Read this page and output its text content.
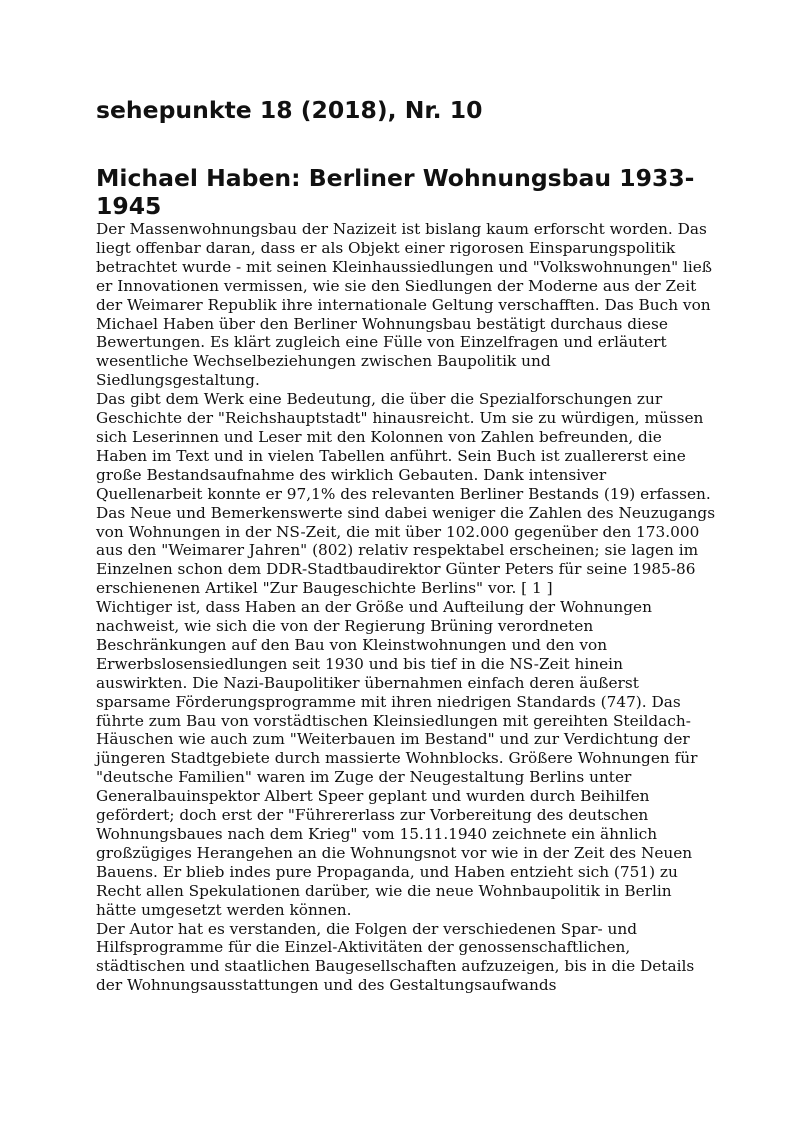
sehepunkte 18 (2018), Nr. 10
Michael Haben: Berliner Wohnungsbau 1933-1945

Der Massenwohnungsbau der Nazizeit ist bislang kaum erforscht worden. Das liegt offenbar daran, dass er als Objekt einer rigorosen Einsparungspolitik betrachtet wurde - mit seinen Kleinhaussiedlungen und "Volkswohnungen" ließ er Innovationen vermissen, wie sie den Siedlungen der Moderne aus der Zeit der Weimarer Republik ihre internationale Geltung verschafften. Das Buch von Michael Haben über den Berliner Wohnungsbau bestätigt durchaus diese Bewertungen. Es klärt zugleich eine Fülle von Einzelfragen und erläutert wesentliche Wechselbeziehungen zwischen Baupolitik und Siedlungsgestaltung.

Das gibt dem Werk eine Bedeutung, die über die Spezialforschungen zur Geschichte der "Reichshauptstadt" hinausreicht. Um sie zu würdigen, müssen sich Leserinnen und Leser mit den Kolonnen von Zahlen befreunden, die Haben im Text und in vielen Tabellen anführt. Sein Buch ist zuallererst eine große Bestandsaufnahme des wirklich Gebauten. Dank intensiver Quellenarbeit konnte er 97,1% des relevanten Berliner Bestands (19) erfassen. Das Neue und Bemerkenswerte sind dabei weniger die Zahlen des Neuzugangs von Wohnungen in der NS-Zeit, die mit über 102.000 gegenüber den 173.000 aus den "Weimarer Jahren" (802) relativ respektabel erscheinen; sie lagen im Einzelnen schon dem DDR-Stadtbaudirektor Günter Peters für seine 1985-86 erschienenen Artikel "Zur Baugeschichte Berlins" vor. [ 1 ]

Wichtiger ist, dass Haben an der Größe und Aufteilung der Wohnungen nachweist, wie sich die von der Regierung Brüning verordneten Beschränkungen auf den Bau von Kleinstwohnungen und den von Erwerbslosensiedlungen seit 1930 und bis tief in die NS-Zeit hinein auswirkten. Die Nazi-Baupolitiker übernahmen einfach deren äußerst sparsame Förderungsprogramme mit ihren niedrigen Standards (747). Das führte zum Bau von vorstädtischen Kleinsiedlungen mit gereihten Steildach-Häuschen wie auch zum "Weiterbauen im Bestand" und zur Verdichtung der jüngeren Stadtgebiete durch massierte Wohnblocks. Größere Wohnungen für "deutsche Familien" waren im Zuge der Neugestaltung Berlins unter Generalbauinspektor Albert Speer geplant und wurden durch Beihilfen gefördert; doch erst der "Führererlass zur Vorbereitung des deutschen Wohnungsbaues nach dem Krieg" vom 15.11.1940 zeichnete ein ähnlich großzügiges Herangehen an die Wohnungsnot vor wie in der Zeit des Neuen Bauens. Er blieb indes pure Propaganda, und Haben entzieht sich (751) zu Recht allen Spekulationen darüber, wie die neue Wohnbaupolitik in Berlin hätte umgesetzt werden können.

Der Autor hat es verstanden, die Folgen der verschiedenen Spar- und Hilfsprogramme für die Einzel-Aktivitäten der genossenschaftlichen, städtischen und staatlichen Baugesellschaften aufzuzeigen, bis in die Details der Wohnungsausstattungen und des Gestaltungsaufwands
